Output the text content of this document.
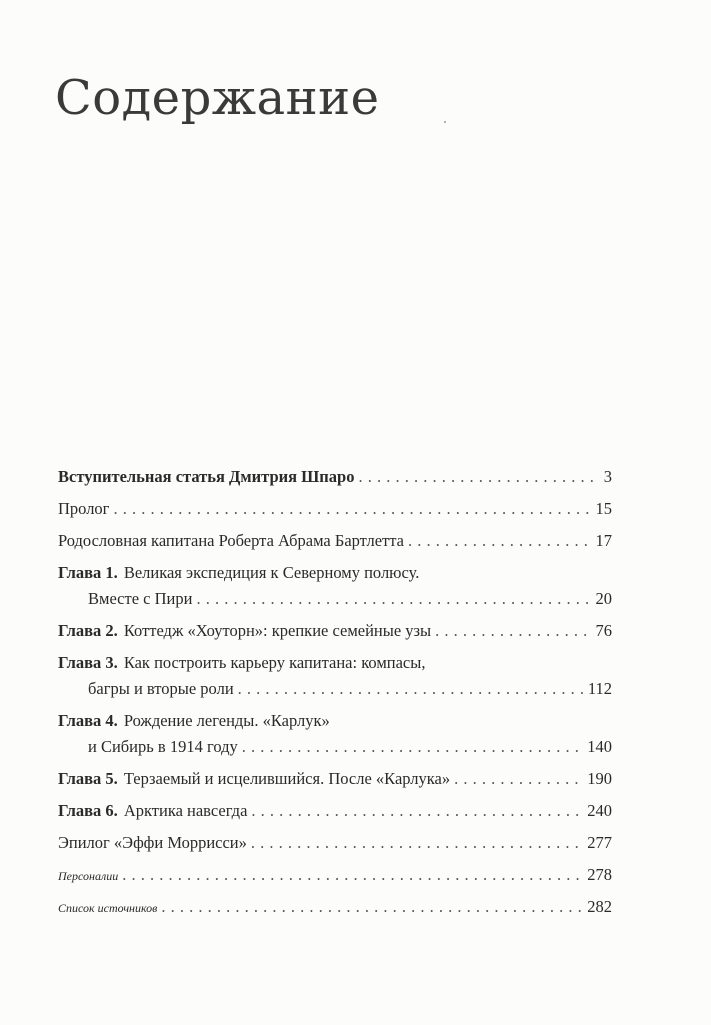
Содержание
Вступительная статья Дмитрия Шпаро . . .	3
Пролог . . .	15
Родословная капитана Роберта Абрама Бартлетта . . .	17
Глава 1. Великая экспедиция к Северному полюсу.
Вместе с Пири . . .	20
Глава 2. Коттедж «Хоуторн»: крепкие семейные узы . . .	76
Глава 3. Как построить карьеру капитана: компасы,
багры и вторые роли . . .	112
Глава 4. Рождение легенды. «Карлук»
и Сибирь в 1914 году . . .	140
Глава 5. Терзаемый и исцелившийся. После «Карлука» . . .	190
Глава 6. Арктика навсегда . . .	240
Эпилог «Эффи Моррисси» . . .	277
Персоналии . . .	278
Список источников . . .	282
